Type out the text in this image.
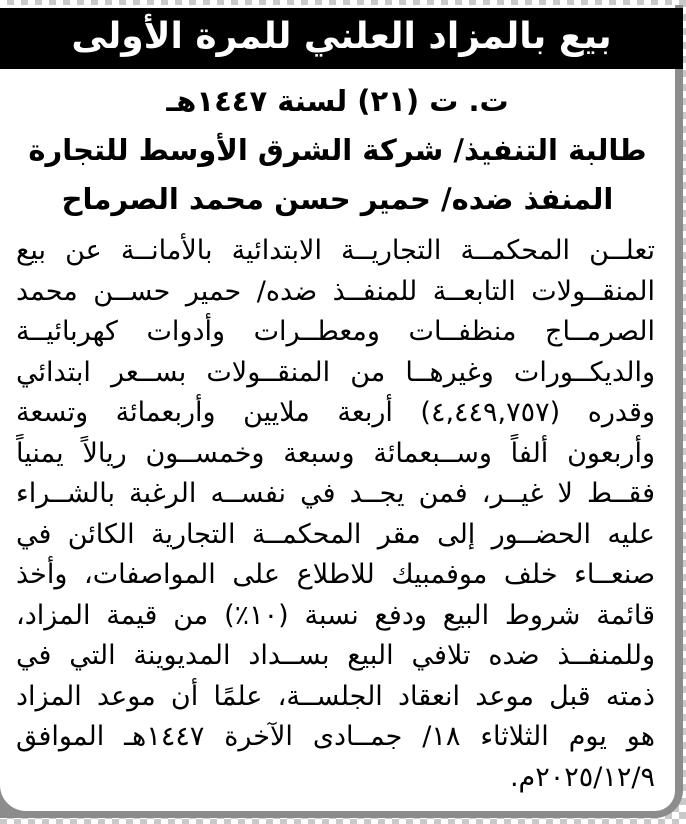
ت. ت (٢١) لسنة ١٤٤٧هـ
طالبة التنفيذ/ شركة الشرق الأوسط للتجارة
المنفذ ضده/ حمير حسن محمد الصرماح
تعلــن المحكمــة التجاريــة الابتدائية بالأمانــة عن بيع
المنقــولات التابعــة للمنفــذ ضده/ حمير حســن محمد
الصرمــاج منظفــات ومعطــرات وأدوات كهربائيــة
والديكــورات وغيرهــا من المنقــولات بســعر ابتدائي
وقدره (٤,٤٤٩,٧٥٧) أربعة ملايين وأربعمائة وتسعة
وأربعون ألفاً وســبعمائة وسبعة وخمســون ريالاً يمنياً
فقــط لا غيــر، فمن يجــد في نفســه الرغبة بالشــراء
عليه الحضــور إلى مقر المحكمــة التجارية الكائن في
صنعــاء خلف موفمبيك للاطلاع على المواصفات، وأخذ
قائمة شروط البيع ودفع نسبة (١٠٪) من قيمة المزاد،
وللمنفــذ ضده تلافي البيع بســداد المديوينة التي في
ذمته قبل موعد انعقاد الجلســة، علمًا أن موعد المزاد
هو يوم الثلاثاء ١٨/ جمــادى الآخرة ١٤٤٧هـ الموافق
٢٠٢٥/١٢/٩م.
بيع بالمزاد العلني للمرة الأولى
